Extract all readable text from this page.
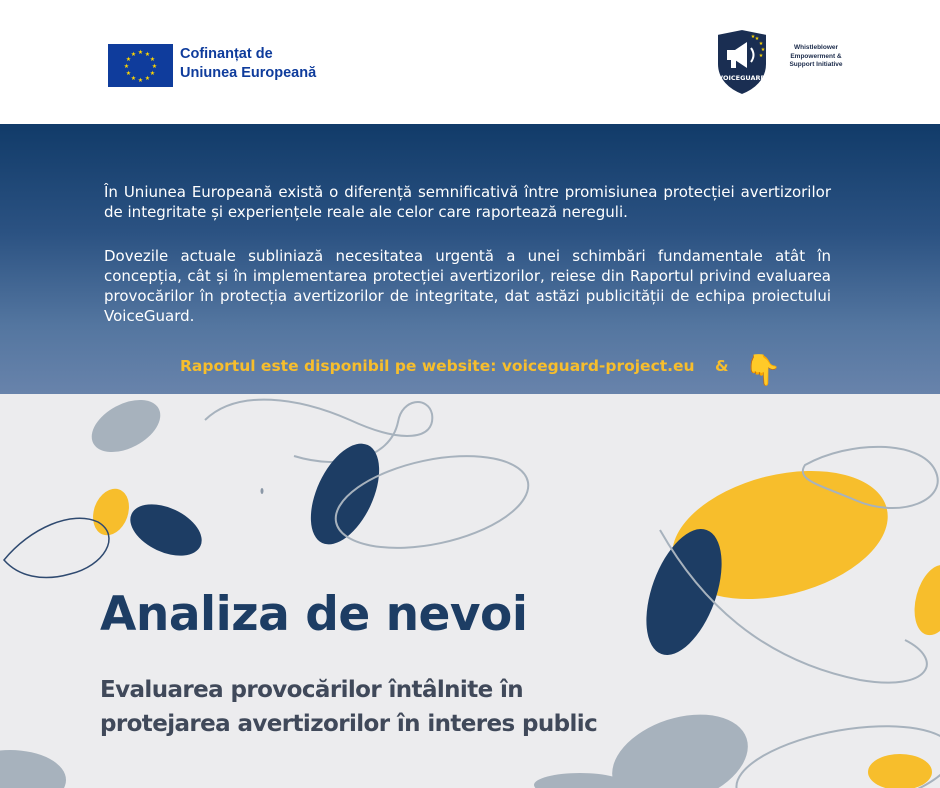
★ ★
★
★
★
★
★
★
★
★
★
★	Cofinanțat de
Uniunea Europeană
★
★
★
★
★
VOICEGUARD
Whistleblower
Empowerment &
Support Initiative

În Uniunea Europeană există o diferență semnificativă între promisiunea protecției avertizorilor de integritate și experiențele reale ale celor care raportează nereguli.

Dovezile actuale subliniază necesitatea urgentă a unei schimbări fundamentale atât în concepția, cât și în implementarea protecției avertizorilor, reiese din Raportul privind evaluarea provocărilor în protecția avertizorilor de integritate, dat astăzi publicității de echipa proiectului VoiceGuard.

Raportul este disponibil pe website: voiceguard-project.eu & 👇
Analiza de nevoi
Evaluarea provocărilor întâlnite în
protejarea avertizorilor în interes public
